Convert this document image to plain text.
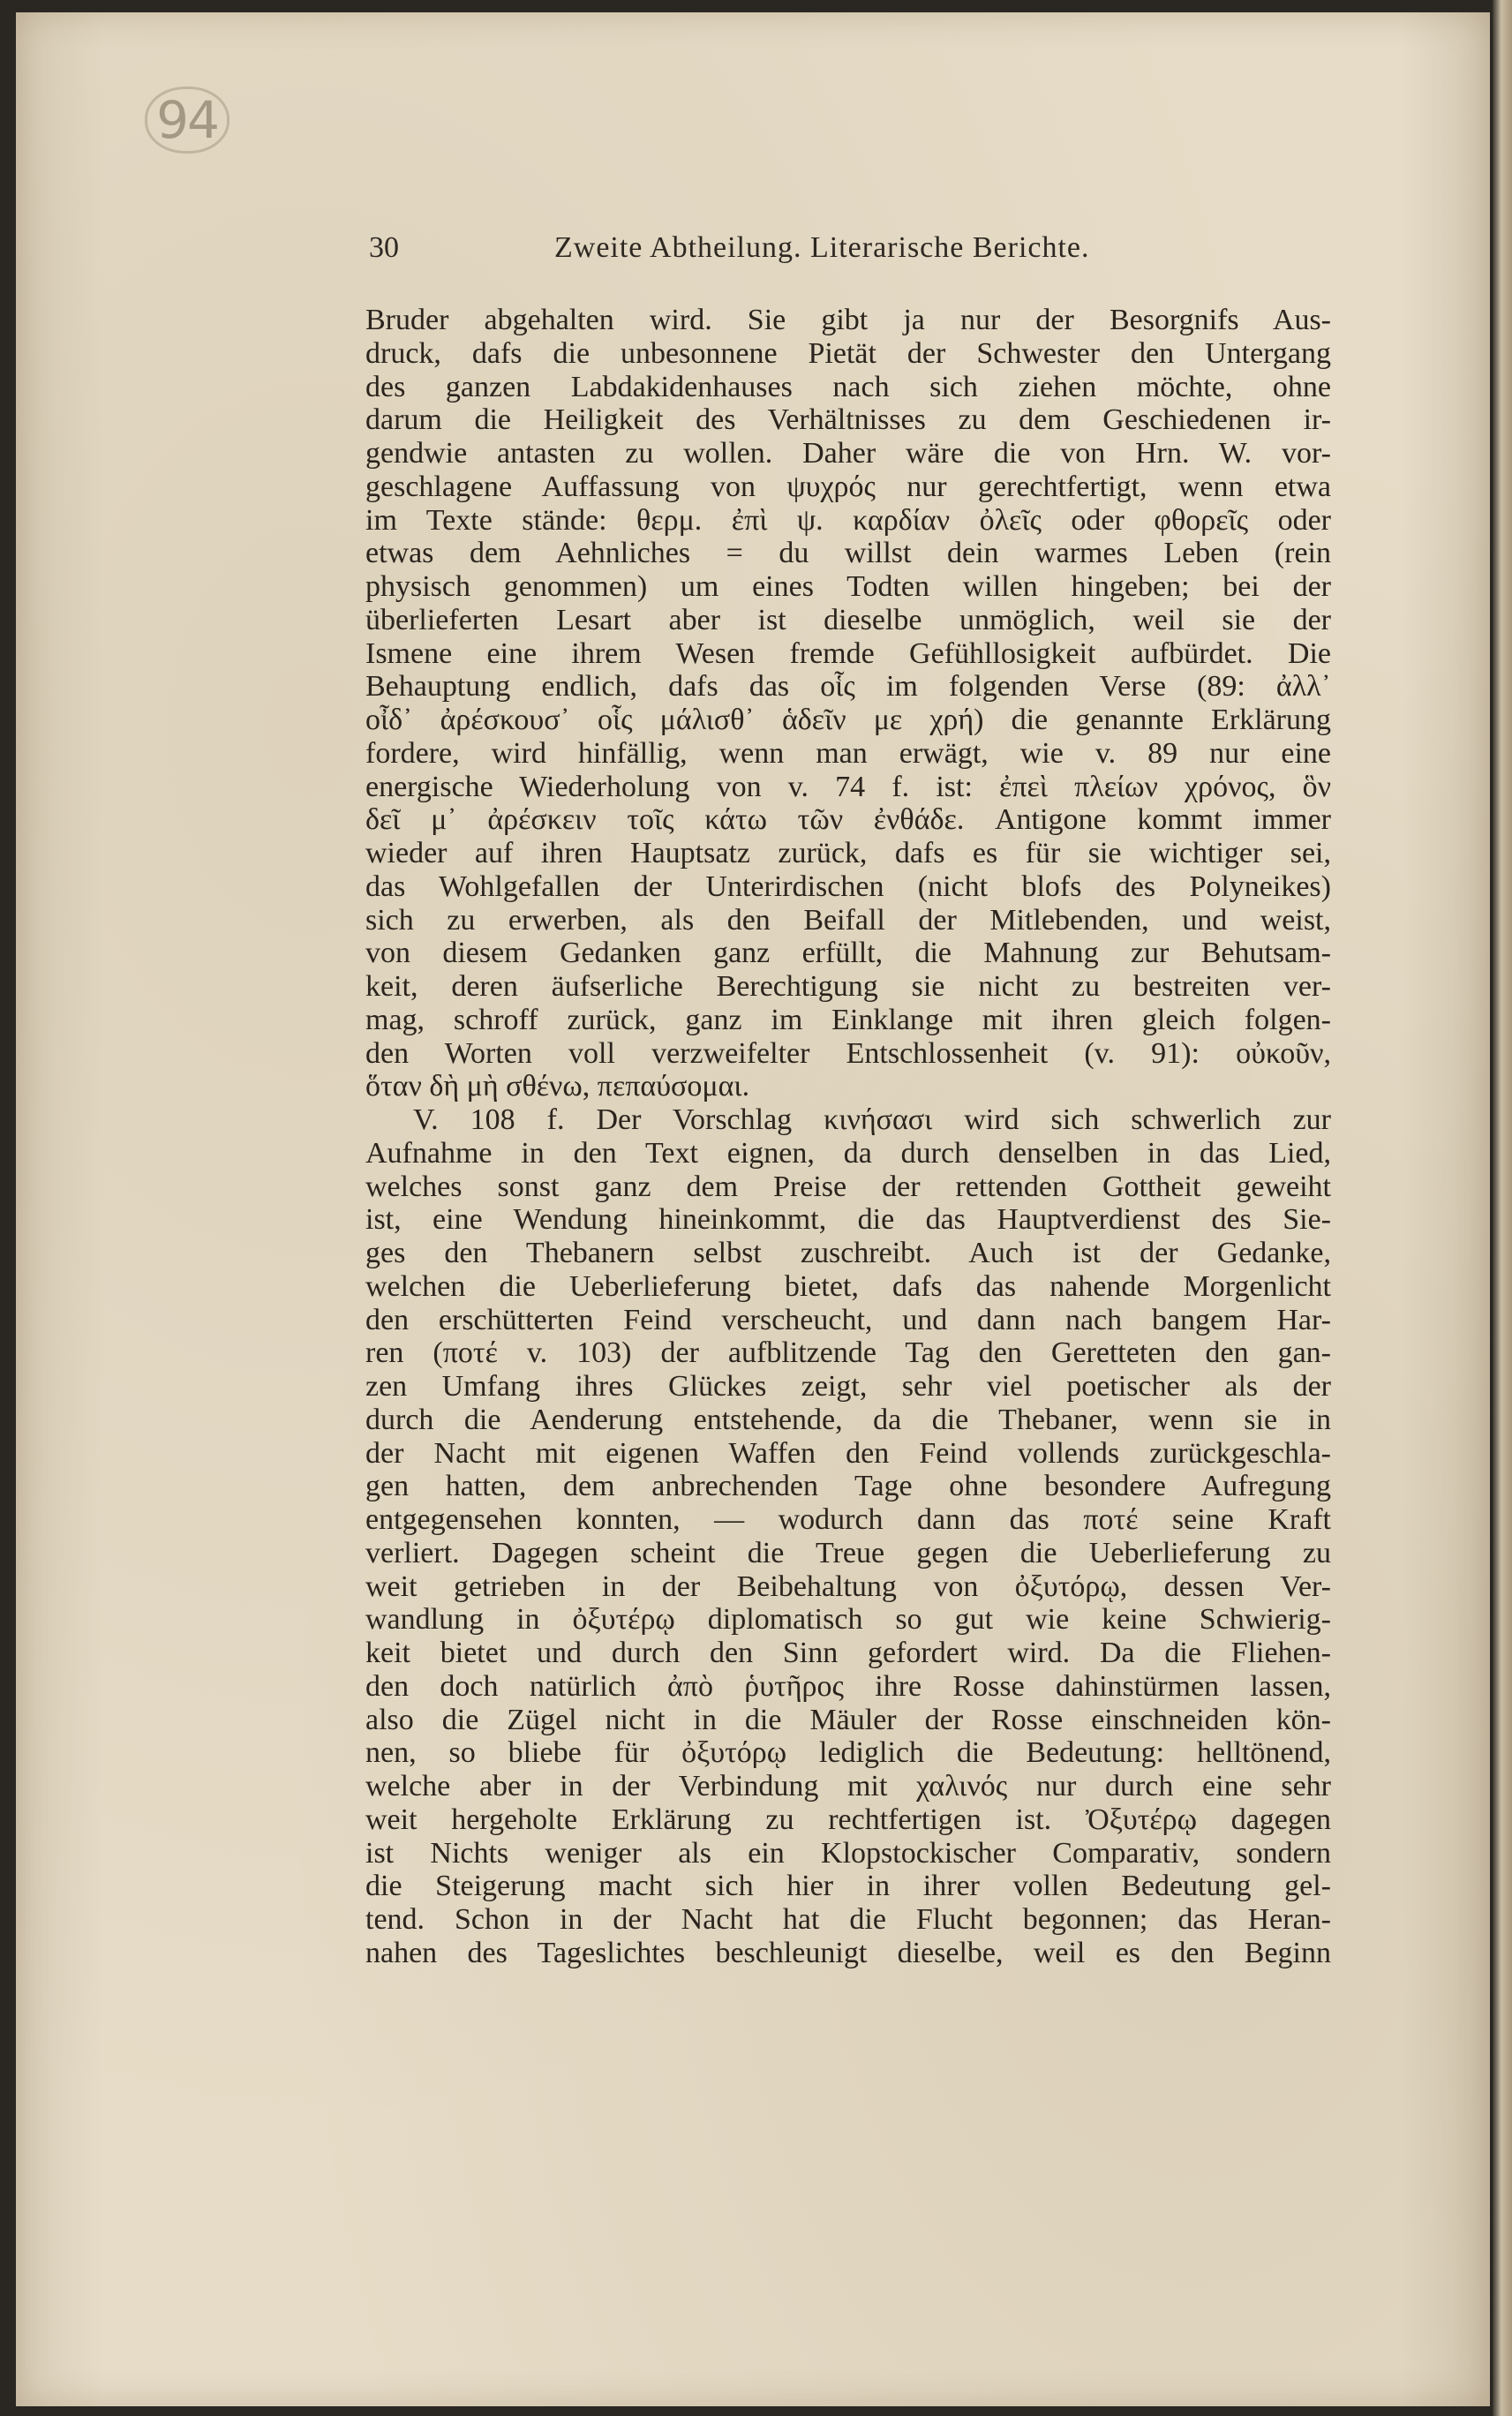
94
30	Zweite Abtheilung. Literarische Berichte.
Bruder abgehalten wird. Sie gibt ja nur der Besorgnifs Aus-
druck, dafs die unbesonnene Pietät der Schwester den Untergang
des ganzen Labdakidenhauses nach sich ziehen möchte, ohne
darum die Heiligkeit des Verhältnisses zu dem Geschiedenen ir-
gendwie antasten zu wollen. Daher wäre die von Hrn. W. vor-
geschlagene Auffassung von ψυχρός nur gerechtfertigt, wenn etwa
im Texte stände: θερμ. ἐπὶ ψ. καρδίαν ὀλεῖς oder φθορεῖς oder
etwas dem Aehnliches = du willst dein warmes Leben (rein
physisch genommen) um eines Todten willen hingeben; bei der
überlieferten Lesart aber ist dieselbe unmöglich, weil sie der
Ismene eine ihrem Wesen fremde Gefühllosigkeit aufbürdet. Die
Behauptung endlich, dafs das οἷς im folgenden Verse (89: ἀλλ᾽
οἶδ᾽ ἀρέσκουσ᾽ οἷς μάλισθ᾽ ἁδεῖν με χρή) die genannte Erklärung
fordere, wird hinfällig, wenn man erwägt, wie v. 89 nur eine
energische Wiederholung von v. 74 f. ist: ἐπεὶ πλείων χρόνος, ὃν
δεῖ μ᾽ ἀρέσκειν τοῖς κάτω τῶν ἐνθάδε. Antigone kommt immer
wieder auf ihren Hauptsatz zurück, dafs es für sie wichtiger sei,
das Wohlgefallen der Unterirdischen (nicht blofs des Polyneikes)
sich zu erwerben, als den Beifall der Mitlebenden, und weist,
von diesem Gedanken ganz erfüllt, die Mahnung zur Behutsam-
keit, deren äufserliche Berechtigung sie nicht zu bestreiten ver-
mag, schroff zurück, ganz im Einklange mit ihren gleich folgen-
den Worten voll verzweifelter Entschlossenheit (v. 91): οὐκοῦν,
ὅταν δὴ μὴ σθένω, πεπαύσομαι.
V. 108 f. Der Vorschlag κινήσασι wird sich schwerlich zur
Aufnahme in den Text eignen, da durch denselben in das Lied,
welches sonst ganz dem Preise der rettenden Gottheit geweiht
ist, eine Wendung hineinkommt, die das Hauptverdienst des Sie-
ges den Thebanern selbst zuschreibt. Auch ist der Gedanke,
welchen die Ueberlieferung bietet, dafs das nahende Morgenlicht
den erschütterten Feind verscheucht, und dann nach bangem Har-
ren (ποτέ v. 103) der aufblitzende Tag den Geretteten den gan-
zen Umfang ihres Glückes zeigt, sehr viel poetischer als der
durch die Aenderung entstehende, da die Thebaner, wenn sie in
der Nacht mit eigenen Waffen den Feind vollends zurückgeschla-
gen hatten, dem anbrechenden Tage ohne besondere Aufregung
entgegensehen konnten, — wodurch dann das ποτέ seine Kraft
verliert. Dagegen scheint die Treue gegen die Ueberlieferung zu
weit getrieben in der Beibehaltung von ὀξυτόρῳ, dessen Ver-
wandlung in ὀξυτέρῳ diplomatisch so gut wie keine Schwierig-
keit bietet und durch den Sinn gefordert wird. Da die Fliehen-
den doch natürlich ἀπὸ ῥυτῆρος ihre Rosse dahinstürmen lassen,
also die Zügel nicht in die Mäuler der Rosse einschneiden kön-
nen, so bliebe für ὀξυτόρῳ lediglich die Bedeutung: helltönend,
welche aber in der Verbindung mit χαλινός nur durch eine sehr
weit hergeholte Erklärung zu rechtfertigen ist. Ὀξυτέρῳ dagegen
ist Nichts weniger als ein Klopstockischer Comparativ, sondern
die Steigerung macht sich hier in ihrer vollen Bedeutung gel-
tend. Schon in der Nacht hat die Flucht begonnen; das Heran-
nahen des Tageslichtes beschleunigt dieselbe, weil es den Beginn
